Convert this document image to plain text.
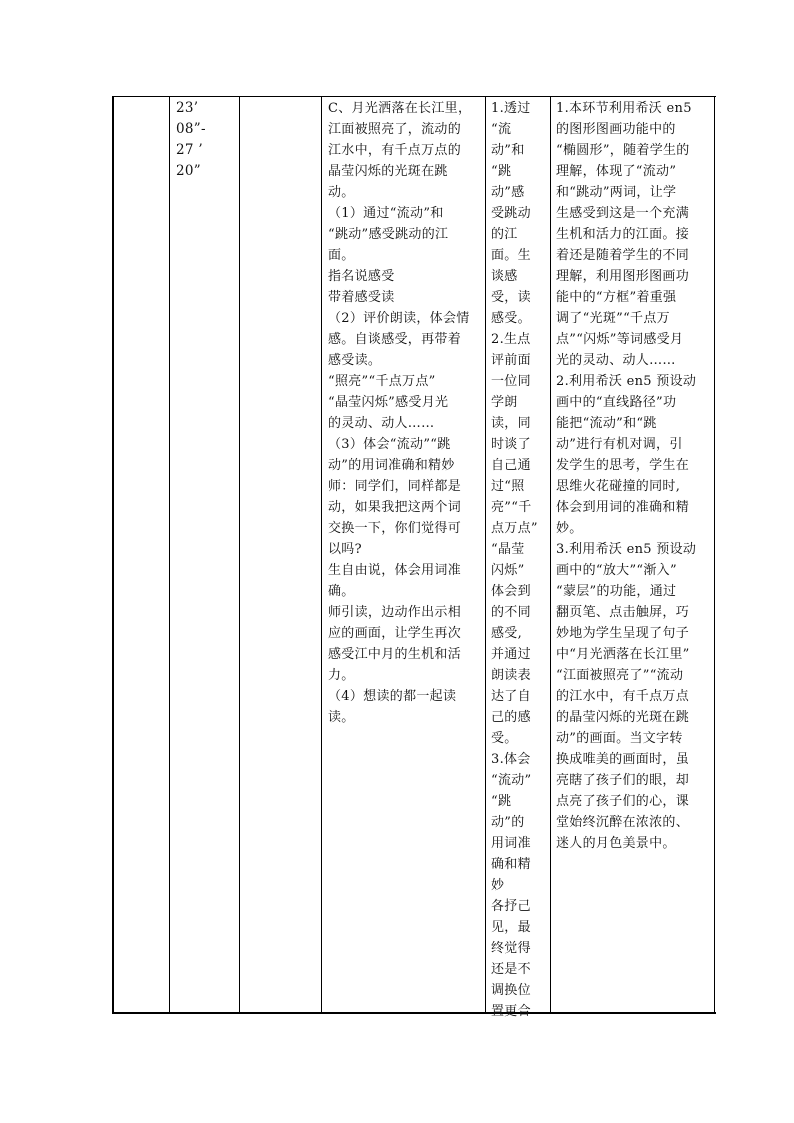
23’
08”-
27 ’
20”
C、月光洒落在长江里，
江面被照亮了，流动的
江水中，有千点万点的
晶莹闪烁的光斑在跳
动。
（1）通过“流动”和
“跳动”感受跳动的江
面。
指名说感受
带着感受读
（2）评价朗读，体会情
感。自谈感受，再带着
感受读。
“照亮”“千点万点”
“晶莹闪烁”感受月光
的灵动、动人……
（3）体会“流动”“跳
动”的用词准确和精妙
师：同学们，同样都是
动，如果我把这两个词
交换一下，你们觉得可
以吗?
生自由说，体会用词准
确。
师引读，边动作出示相
应的画面，让学生再次
感受江中月的生机和活
力。
（4）想读的都一起读
读。
1.透过
“流
动”和
“跳
动”感
受跳动
的江
面。生
谈感
受，读
感受。
2.生点
评前面
一位同
学朗
读，同
时谈了
自己通
过“照
亮”“千
点万点”
“晶莹
闪烁”
体会到
的不同
感受,
并通过
朗读表
达了自
己的感
受。
3.体会
“流动”
“跳
动”的
用词准
确和精
妙
各抒己
见，最
终觉得
还是不
调换位
置更合
1.本环节利用希沃 en5
的图形图画功能中的
“椭圆形”，随着学生的
理解，体现了“流动”
和“跳动”两词，让学
生感受到这是一个充满
生机和活力的江面。接
着还是随着学生的不同
理解，利用图形图画功
能中的“方框”着重强
调了“光斑”“千点万
点”“闪烁”等词感受月
光的灵动、动人……
2.利用希沃 en5 预设动
画中的“直线路径”功
能把“流动”和“跳
动”进行有机对调，引
发学生的思考，学生在
思维火花碰撞的同时,
体会到用词的准确和精
妙。
3.利用希沃 en5 预设动
画中的“放大”“渐入”
“蒙层”的功能，通过
翻页笔、点击触屏，巧
妙地为学生呈现了句子
中“月光洒落在长江里”
“江面被照亮了”“流动
的江水中，有千点万点
的晶莹闪烁的光斑在跳
动”的画面。当文字转
换成唯美的画面时，虽
亮瞎了孩子们的眼，却
点亮了孩子们的心，课
堂始终沉醉在浓浓的、
迷人的月色美景中。
